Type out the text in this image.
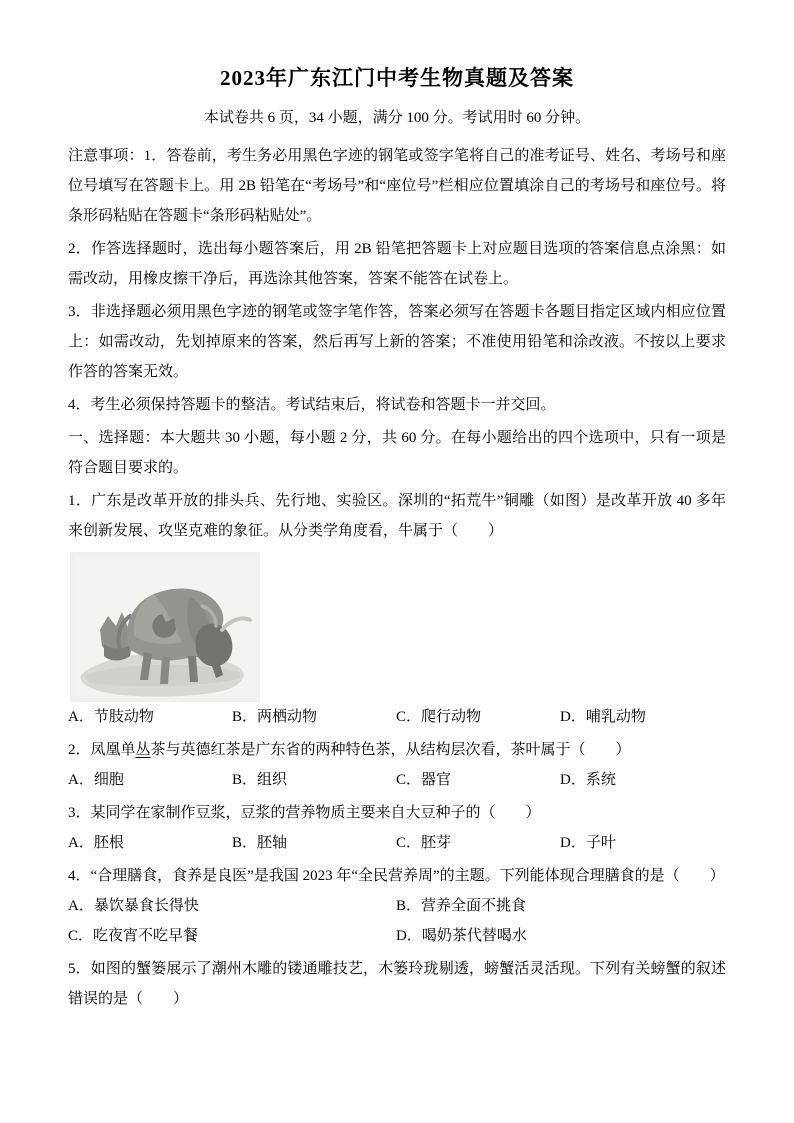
2023年广东江门中考生物真题及答案

本试卷共 6 页，34 小题，满分 100 分。考试用时 60 分钟。

注意事项：1．答卷前，考生务必用黑色字迹的钢笔或签字笔将自己的准考证号、姓名、考场号和座位号填写在答题卡上。用 2B 铅笔在“考场号”和“座位号”栏相应位置填涂自己的考场号和座位号。将条形码粘贴在答题卡“条形码粘贴处”。

2．作答选择题时，选出每小题答案后，用 2B 铅笔把答题卡上对应题目选项的答案信息点涂黑：如需改动，用橡皮擦干净后，再选涂其他答案，答案不能答在试卷上。

3．非选择题必须用黑色字迹的钢笔或签字笔作答，答案必须写在答题卡各题目指定区域内相应位置上：如需改动，先划掉原来的答案，然后再写上新的答案；不准使用铅笔和涂改液。不按以上要求作答的答案无效。

4．考生必须保持答题卡的整洁。考试结束后，将试卷和答题卡一并交回。

一、选择题：本大题共 30 小题，每小题 2 分，共 60 分。在每小题给出的四个选项中，只有一项是符合题目要求的。

1．广东是改革开放的排头兵、先行地、实验区。深圳的“拓荒牛”铜雕（如图）是改革开放 40 多年来创新发展、攻坚克难的象征。从分类学角度看，牛属于（　　）

A．节肢动物	B．两栖动物	C．爬行动物	D．哺乳动物

2．凤凰单丛茶与英德红茶是广东省的两种特色茶，从结构层次看，茶叶属于（　　）

A．细胞	B．组织	C．器官	D．系统

3．某同学在家制作豆浆，豆浆的营养物质主要来自大豆种子的（　　）

A．胚根	B．胚轴	C．胚芽	D．子叶

4．“合理膳食，食养是良医”是我国 2023 年“全民营养周”的主题。下列能体现合理膳食的是（　　）

A．暴饮暴食长得快	B．营养全面不挑食
C．吃夜宵不吃早餐	D．喝奶茶代替喝水

5．如图的蟹篓展示了潮州木雕的镂通雕技艺，木篓玲珑剔透，螃蟹活灵活现。下列有关螃蟹的叙述错误的是（　　）
